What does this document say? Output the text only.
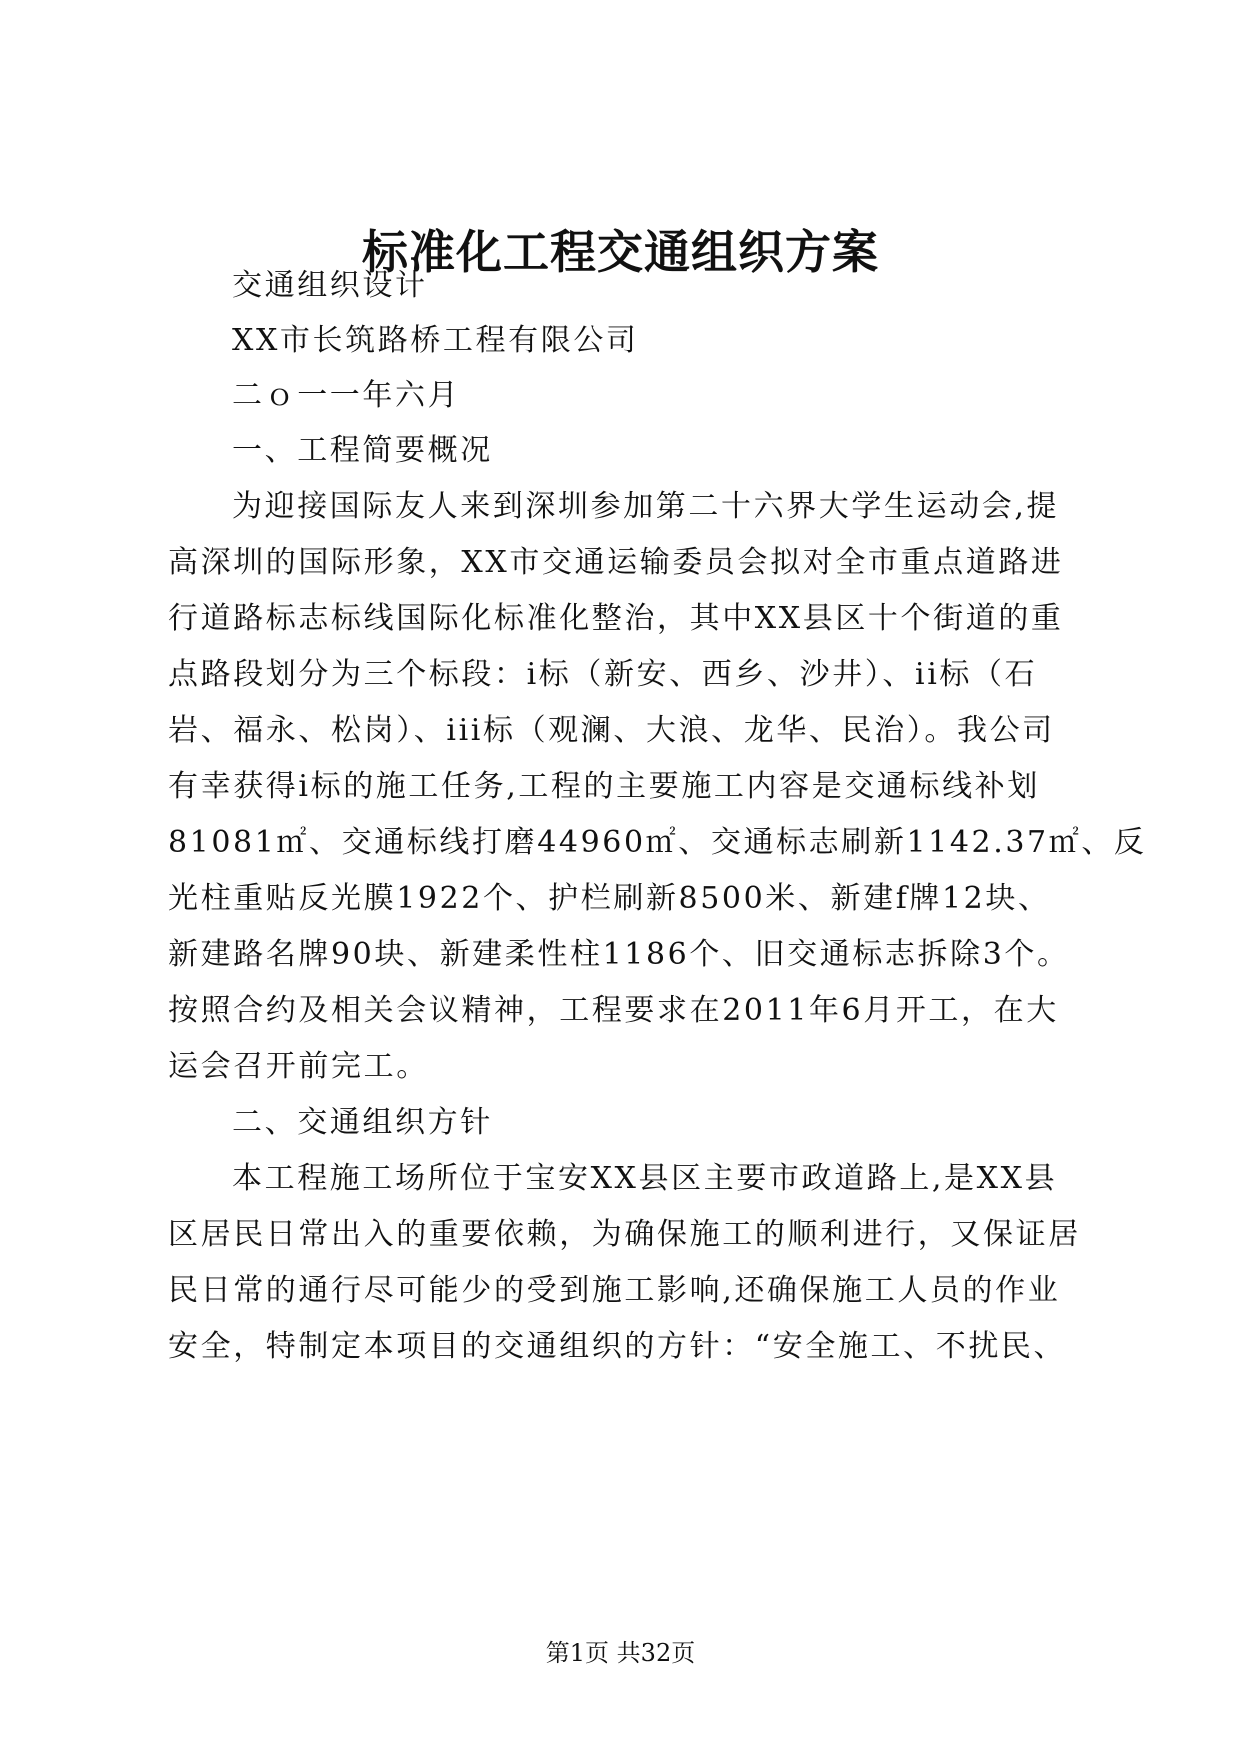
标准化工程交通组织方案
交通组织设计
XX市长筑路桥工程有限公司
二ｏ一一年六月
一、工程简要概况
为迎接国际友人来到深圳参加第二十六界大学生运动会,提
高深圳的国际形象，XX市交通运输委员会拟对全市重点道路进
行道路标志标线国际化标准化整治，其中XX县区十个街道的重
点路段划分为三个标段：i标（新安、西乡、沙井）、ii标（石
岩、福永、松岗）、iii标（观澜、大浪、龙华、民治）。我公司
有幸获得i标的施工任务,工程的主要施工内容是交通标线补划
81081㎡、交通标线打磨44960㎡、交通标志刷新1142.37㎡、反
光柱重贴反光膜1922个、护栏刷新8500米、新建f牌12块、
新建路名牌90块、新建柔性柱1186个、旧交通标志拆除3个。
按照合约及相关会议精神，工程要求在2011年6月开工，在大
运会召开前完工。
二、交通组织方针
本工程施工场所位于宝安XX县区主要市政道路上,是XX县
区居民日常出入的重要依赖，为确保施工的顺利进行，又保证居
民日常的通行尽可能少的受到施工影响,还确保施工人员的作业
安全，特制定本项目的交通组织的方针：“安全施工、不扰民、
第1页 共32页
